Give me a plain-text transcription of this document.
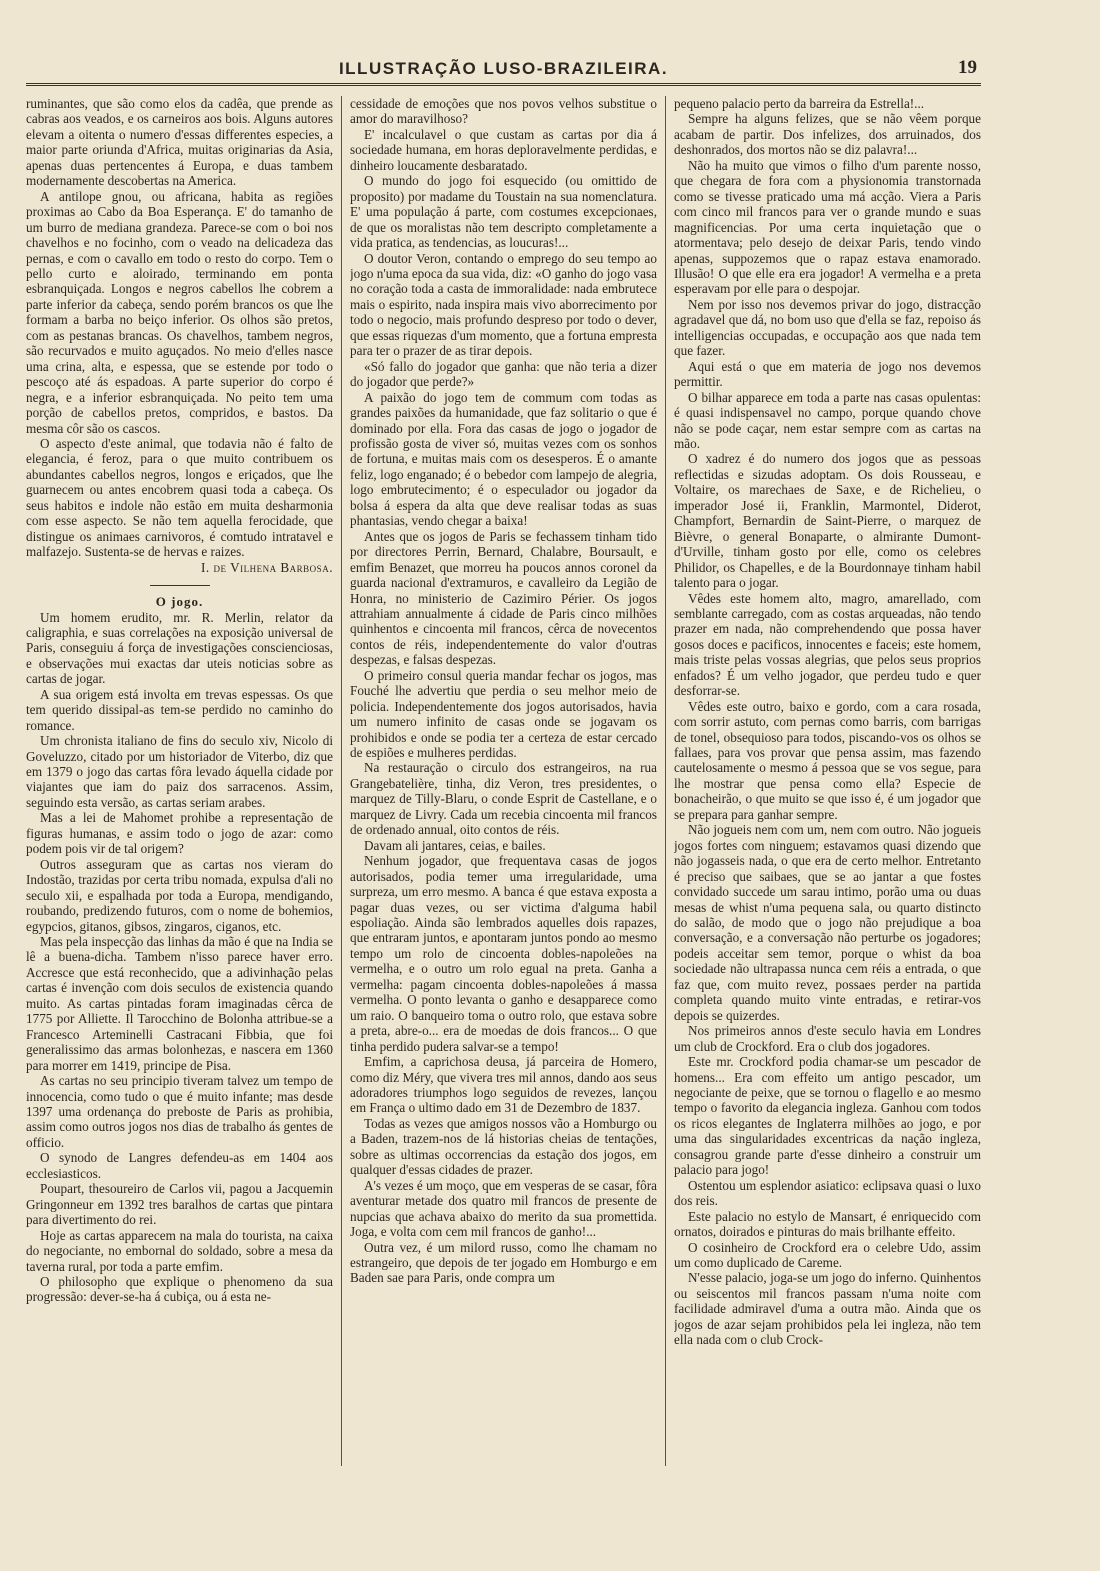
ILLUSTRAÇÃO LUSO-BRAZILEIRA.	19

ruminantes, que são como elos da cadêa, que prende as cabras aos veados, e os carneiros aos bois. Alguns autores elevam a oitenta o numero d'essas differentes especies, a maior parte oriunda d'Africa, muitas originarias da Asia, apenas duas pertencentes á Europa, e duas tambem modernamente descobertas na America.

A antilope gnou, ou africana, habita as regiões proximas ao Cabo da Boa Esperança. E' do tamanho de um burro de mediana grandeza. Parece-se com o boi nos chavelhos e no focinho, com o veado na delicadeza das pernas, e com o cavallo em todo o resto do corpo. Tem o pello curto e aloirado, terminando em ponta esbranquiçada. Longos e negros cabellos lhe cobrem a parte inferior da cabeça, sendo porém brancos os que lhe formam a barba no beiço inferior. Os olhos são pretos, com as pestanas brancas. Os chavelhos, tambem negros, são recurvados e muito aguçados. No meio d'elles nasce uma crina, alta, e espessa, que se estende por todo o pescoço até ás espadoas. A parte superior do corpo é negra, e a inferior esbranquiçada. No peito tem uma porção de cabellos pretos, compridos, e bastos. Da mesma côr são os cascos.

O aspecto d'este animal, que todavia não é falto de elegancia, é feroz, para o que muito contribuem os abundantes cabellos negros, longos e eriçados, que lhe guarnecem ou antes encobrem quasi toda a cabeça. Os seus habitos e indole não estão em muita desharmonia com esse aspecto. Se não tem aquella ferocidade, que distingue os animaes carnivoros, é comtudo intratavel e malfazejo. Sustenta-se de hervas e raizes.

I. de Vilhena Barbosa.

O jogo.

Um homem erudito, mr. R. Merlin, relator da caligraphia, e suas correlações na exposição universal de Paris, conseguiu á força de investigações conscienciosas, e observações mui exactas dar uteis noticias sobre as cartas de jogar.

A sua origem está involta em trevas espessas. Os que tem querido dissipal-as tem-se perdido no caminho do romance.

Um chronista italiano de fins do seculo xiv, Nicolo di Goveluzzo, citado por um historiador de Viterbo, diz que em 1379 o jogo das cartas fôra levado áquella cidade por viajantes que iam do paiz dos sarracenos. Assim, seguindo esta versão, as cartas seriam arabes.

Mas a lei de Mahomet prohibe a representação de figuras humanas, e assim todo o jogo de azar: como podem pois vir de tal origem?

Outros asseguram que as cartas nos vieram do Indostão, trazidas por certa tribu nomada, expulsa d'ali no seculo xii, e espalhada por toda a Europa, mendigando, roubando, predizendo futuros, com o nome de bohemios, egypcios, gitanos, gibsos, zingaros, ciganos, etc.

Mas pela inspecção das linhas da mão é que na India se lê a buena-dicha. Tambem n'isso parece haver erro. Accresce que está reconhecido, que a adivinhação pelas cartas é invenção com dois seculos de existencia quando muito. As cartas pintadas foram imaginadas cêrca de 1775 por Alliette. Il Tarocchino de Bolonha attribue-se a Francesco Arteminelli Castracani Fibbia, que foi generalissimo das armas bolonhezas, e nascera em 1360 para morrer em 1419, principe de Pisa.

As cartas no seu principio tiveram talvez um tempo de innocencia, como tudo o que é muito infante; mas desde 1397 uma ordenança do preboste de Paris as prohibia, assim como outros jogos nos dias de trabalho ás gentes de officio.

O synodo de Langres defendeu-as em 1404 aos ecclesiasticos.

Poupart, thesoureiro de Carlos vii, pagou a Jacquemin Gringonneur em 1392 tres baralhos de cartas que pintara para divertimento do rei.

Hoje as cartas apparecem na mala do tourista, na caixa do negociante, no embornal do soldado, sobre a mesa da taverna rural, por toda a parte emfim.

O philosopho que explique o phenomeno da sua progressão: dever-se-ha á cubiça, ou á esta ne-

cessidade de emoções que nos povos velhos substitue o amor do maravilhoso?

E' incalculavel o que custam as cartas por dia á sociedade humana, em horas deploravelmente perdidas, e dinheiro loucamente desbaratado.

O mundo do jogo foi esquecido (ou omittido de proposito) por madame du Toustain na sua nomenclatura. E' uma população á parte, com costumes excepcionaes, de que os moralistas não tem descripto completamente a vida pratica, as tendencias, as loucuras!...

O doutor Veron, contando o emprego do seu tempo ao jogo n'uma epoca da sua vida, diz: «O ganho do jogo vasa no coração toda a casta de immoralidade: nada embrutece mais o espirito, nada inspira mais vivo aborrecimento por todo o negocio, mais profundo despreso por todo o dever, que essas riquezas d'um momento, que a fortuna empresta para ter o prazer de as tirar depois.

«Só fallo do jogador que ganha: que não teria a dizer do jogador que perde?»

A paixão do jogo tem de commum com todas as grandes paixões da humanidade, que faz solitario o que é dominado por ella. Fora das casas de jogo o jogador de profissão gosta de viver só, muitas vezes com os sonhos de fortuna, e muitas mais com os desesperos. É o amante feliz, logo enganado; é o bebedor com lampejo de alegria, logo embrutecimento; é o especulador ou jogador da bolsa á espera da alta que deve realisar todas as suas phantasias, vendo chegar a baixa!

Antes que os jogos de Paris se fechassem tinham tido por directores Perrin, Bernard, Chalabre, Boursault, e emfim Benazet, que morreu ha poucos annos coronel da guarda nacional d'extramuros, e cavalleiro da Legião de Honra, no ministerio de Cazimiro Périer. Os jogos attrahiam annualmente á cidade de Paris cinco milhões quinhentos e cincoenta mil francos, cêrca de novecentos contos de réis, independentemente do valor d'outras despezas, e falsas despezas.

O primeiro consul queria mandar fechar os jogos, mas Fouché lhe advertiu que perdia o seu melhor meio de policia. Independentemente dos jogos autorisados, havia um numero infinito de casas onde se jogavam os prohibidos e onde se podia ter a certeza de estar cercado de espiões e mulheres perdidas.

Na restauração o circulo dos estrangeiros, na rua Grangebatelière, tinha, diz Veron, tres presidentes, o marquez de Tilly-Blaru, o conde Esprit de Castellane, e o marquez de Livry. Cada um recebia cincoenta mil francos de ordenado annual, oito contos de réis.

Davam ali jantares, ceias, e bailes.

Nenhum jogador, que frequentava casas de jogos autorisados, podia temer uma irregularidade, uma surpreza, um erro mesmo. A banca é que estava exposta a pagar duas vezes, ou ser victima d'alguma habil espoliação. Ainda são lembrados aquelles dois rapazes, que entraram juntos, e apontaram juntos pondo ao mesmo tempo um rolo de cincoenta dobles-napoleões na vermelha, e o outro um rolo egual na preta. Ganha a vermelha: pagam cincoenta dobles-napoleões á massa vermelha. O ponto levanta o ganho e desapparece como um raio. O banqueiro toma o outro rolo, que estava sobre a preta, abre-o... era de moedas de dois francos... O que tinha perdido pudera salvar-se a tempo!

Emfim, a caprichosa deusa, já parceira de Homero, como diz Méry, que vivera tres mil annos, dando aos seus adoradores triumphos logo seguidos de revezes, lançou em França o ultimo dado em 31 de Dezembro de 1837.

Todas as vezes que amigos nossos vão a Homburgo ou a Baden, trazem-nos de lá historias cheias de tentações, sobre as ultimas occorrencias da estação dos jogos, em qualquer d'essas cidades de prazer.

A's vezes é um moço, que em vesperas de se casar, fôra aventurar metade dos quatro mil francos de presente de nupcias que achava abaixo do merito da sua promettida. Joga, e volta com cem mil francos de ganho!...

Outra vez, é um milord russo, como lhe chamam no estrangeiro, que depois de ter jogado em Homburgo e em Baden sae para Paris, onde compra um

pequeno palacio perto da barreira da Estrella!...

Sempre ha alguns felizes, que se não vêem porque acabam de partir. Dos infelizes, dos arruinados, dos deshonrados, dos mortos não se diz palavra!...

Não ha muito que vimos o filho d'um parente nosso, que chegara de fora com a physionomia transtornada como se tivesse praticado uma má acção. Viera a Paris com cinco mil francos para ver o grande mundo e suas magnificencias. Por uma certa inquietação que o atormentava; pelo desejo de deixar Paris, tendo vindo apenas, suppozemos que o rapaz estava enamorado. Illusão! O que elle era era jogador! A vermelha e a preta esperavam por elle para o despojar.

Nem por isso nos devemos privar do jogo, distracção agradavel que dá, no bom uso que d'ella se faz, repoiso ás intelligencias occupadas, e occupação aos que nada tem que fazer.

Aqui está o que em materia de jogo nos devemos permittir.

O bilhar apparece em toda a parte nas casas opulentas: é quasi indispensavel no campo, porque quando chove não se pode caçar, nem estar sempre com as cartas na mão.

O xadrez é do numero dos jogos que as pessoas reflectidas e sizudas adoptam. Os dois Rousseau, e Voltaire, os marechaes de Saxe, e de Richelieu, o imperador José ii, Franklin, Marmontel, Diderot, Champfort, Bernardin de Saint-Pierre, o marquez de Bièvre, o general Bonaparte, o almirante Dumont-d'Urville, tinham gosto por elle, como os celebres Philidor, os Chapelles, e de la Bourdonnaye tinham habil talento para o jogar.

Vêdes este homem alto, magro, amarellado, com semblante carregado, com as costas arqueadas, não tendo prazer em nada, não comprehendendo que possa haver gosos doces e pacificos, innocentes e faceis; este homem, mais triste pelas vossas alegrias, que pelos seus proprios enfados? É um velho jogador, que perdeu tudo e quer desforrar-se.

Vêdes este outro, baixo e gordo, com a cara rosada, com sorrir astuto, com pernas como barris, com barrigas de tonel, obsequioso para todos, piscando-vos os olhos se fallaes, para vos provar que pensa assim, mas fazendo cautelosamente o mesmo á pessoa que se vos segue, para lhe mostrar que pensa como ella? Especie de bonacheirão, o que muito se que isso é, é um jogador que se prepara para ganhar sempre.

Não jogueis nem com um, nem com outro. Não jogueis jogos fortes com ninguem; estavamos quasi dizendo que não jogasseis nada, o que era de certo melhor. Entretanto é preciso que saibaes, que se ao jantar a que fostes convidado succede um sarau intimo, porão uma ou duas mesas de whist n'uma pequena sala, ou quarto distincto do salão, de modo que o jogo não prejudique a boa conversação, e a conversação não perturbe os jogadores; podeis acceitar sem temor, porque o whist da boa sociedade não ultrapassa nunca cem réis a entrada, o que faz que, com muito revez, possaes perder na partida completa quando muito vinte entradas, e retirar-vos depois se quizerdes.

Nos primeiros annos d'este seculo havia em Londres um club de Crockford. Era o club dos jogadores.

Este mr. Crockford podia chamar-se um pescador de homens... Era com effeito um antigo pescador, um negociante de peixe, que se tornou o flagello e ao mesmo tempo o favorito da elegancia ingleza. Ganhou com todos os ricos elegantes de Inglaterra milhões ao jogo, e por uma das singularidades excentricas da nação ingleza, consagrou grande parte d'esse dinheiro a construir um palacio para jogo!

Ostentou um esplendor asiatico: eclipsava quasi o luxo dos reis.

Este palacio no estylo de Mansart, é enriquecido com ornatos, doirados e pinturas do mais brilhante effeito.

O cosinheiro de Crockford era o celebre Udo, assim um como duplicado de Careme.

N'esse palacio, joga-se um jogo do inferno. Quinhentos ou seiscentos mil francos passam n'uma noite com facilidade admiravel d'uma a outra mão. Ainda que os jogos de azar sejam prohibidos pela lei ingleza, não tem ella nada com o club Crock-
